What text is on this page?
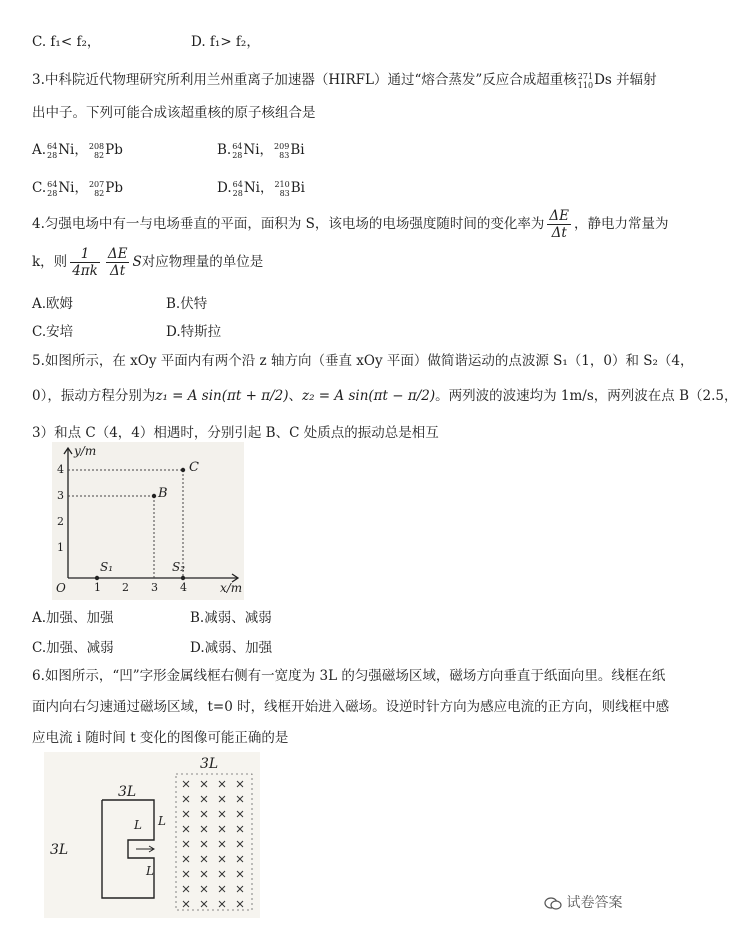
C. f₁< f₂，	D. f₁> f₂，
3.中科院近代物理研究所利用兰州重离子加速器（HIRFL）通过“熔合蒸发”反应合成超重核 271
110 Ds 并辐射
出中子。下列可能合成该超重核的原子核组合是
A. 64
28 Ni， 208
82 Pb	B. 64
28 Ni， 209
83 Bi
C. 64
28 Ni， 207
82 Pb	D. 64
28 Ni， 210
83 Bi
4.匀强电场中有一与电场垂直的平面，面积为 S，该电场的电场强度随时间的变化率为 $\frac{\Delta E}{\Delta t}$ ，静电力常量为
k，则 $\frac{1}{4\pi k} \frac{\Delta E}{\Delta t}$ S对应物理量的单位是
A.欧姆	B.伏特
C.安培	D.特斯拉
5.如图所示，在 xOy 平面内有两个沿 z 轴方向（垂直 xOy 平面）做简谐运动的点波源 S₁（1，0）和 S₂（4，
0），振动方程分别为z₁ = A sin(πt + π/2)、z₂ = A sin(πt − π/2)。两列波的波速均为 1m/s，两列波在点 B（2.5，
3）和点 C（4，4）相遇时，分别引起 B、C 处质点的振动总是相互
y/m
x/m
O
C
B
S₁	S₂
4
3
2
1
1 2 3 4
A.加强、加强	B.减弱、减弱
C.加强、减弱	D.减弱、加强
6.如图所示，“凹”字形金属线框右侧有一宽度为 3L 的匀强磁场区域，磁场方向垂直于纸面向里。线框在纸
面内向右匀速通过磁场区域，t=0 时，线框开始进入磁场。设逆时针方向为感应电流的正方向，则线框中感
应电流 i 随时间 t 变化的图像可能正确的是
3L
3L
L L
L
3L
试卷答案
